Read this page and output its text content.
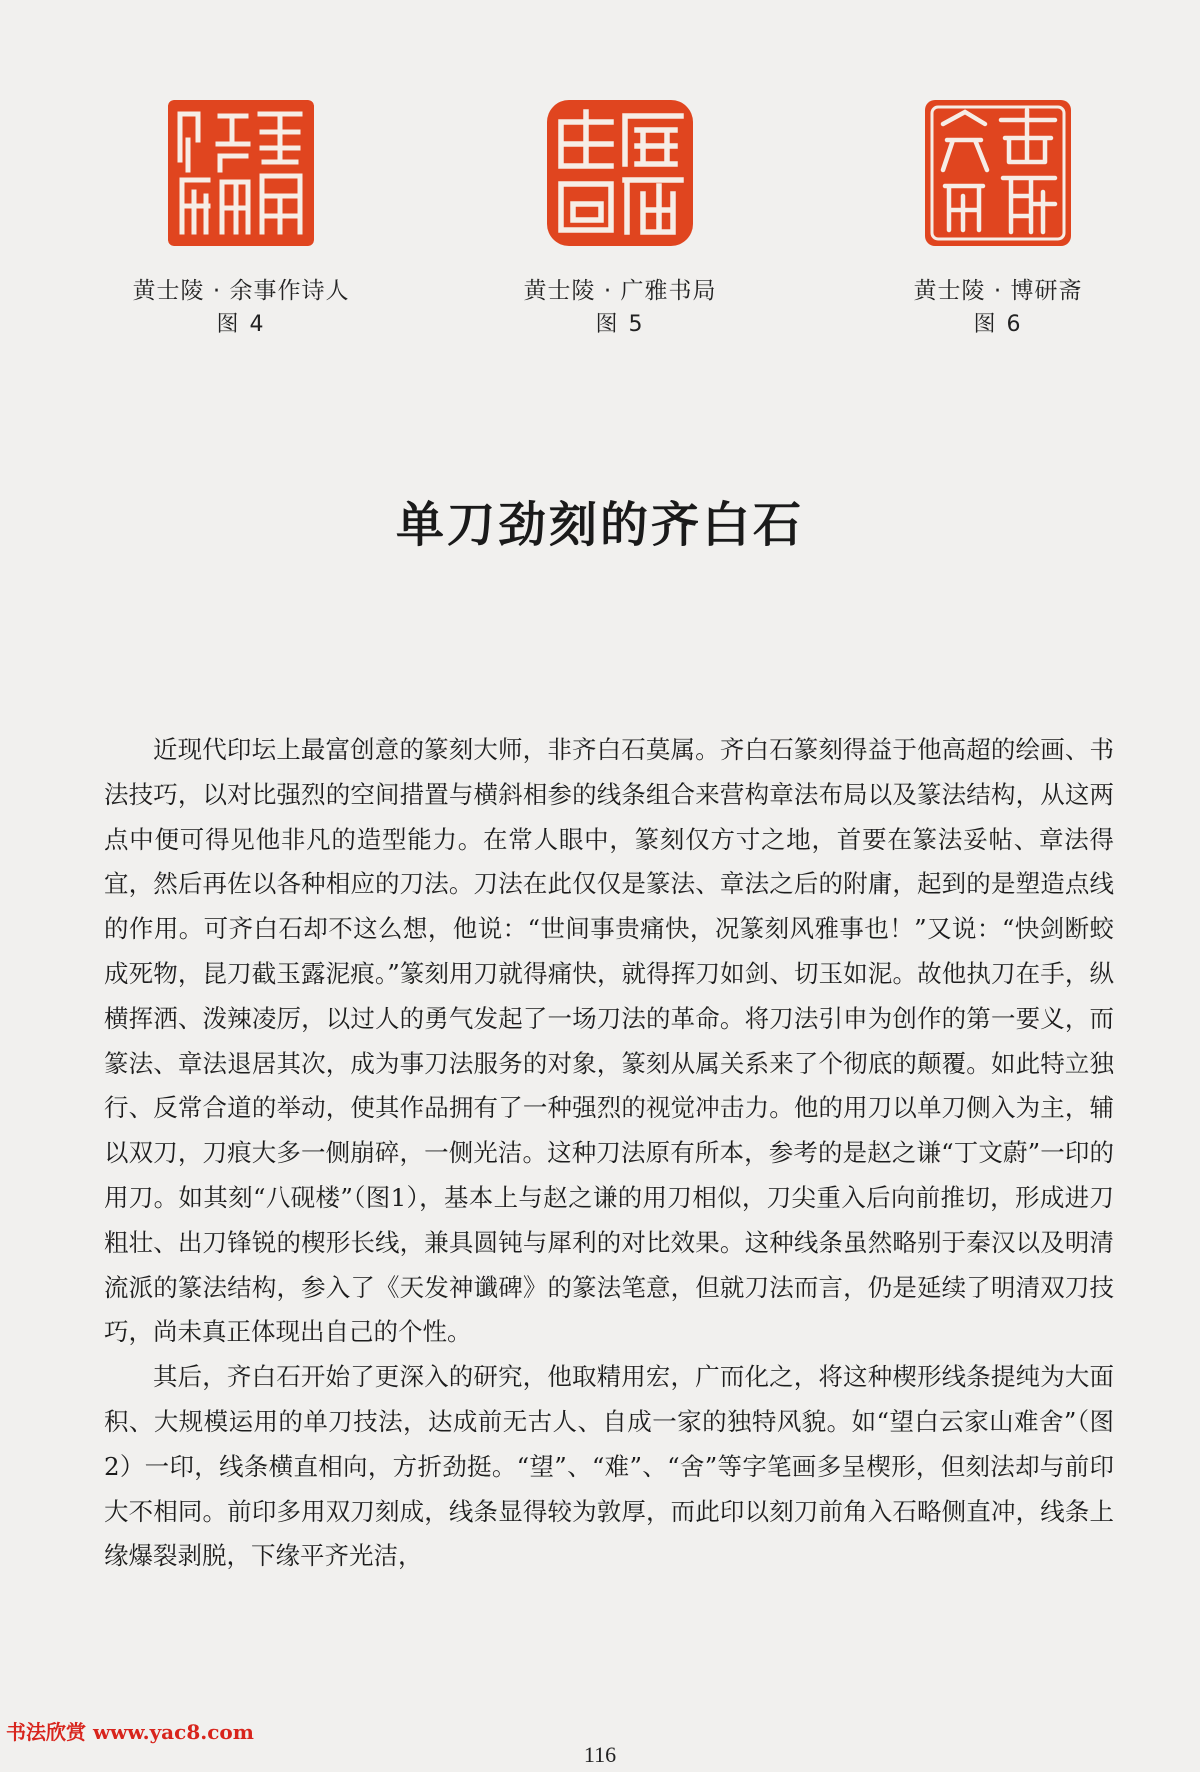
黄士陵 · 余事作诗人
图 4
黄士陵 · 广雅书局
图 5
黄士陵 · 博研斋
图 6
单刀劲刻的齐白石

近现代印坛上最富创意的篆刻大师，非齐白石莫属。齐白石篆刻得益于他高超的绘画、书法技巧，以对比强烈的空间措置与横斜相参的线条组合来营构章法布局以及篆法结构，从这两点中便可得见他非凡的造型能力。在常人眼中，篆刻仅方寸之地，首要在篆法妥帖、章法得宜，然后再佐以各种相应的刀法。刀法在此仅仅是篆法、章法之后的附庸，起到的是塑造点线的作用。可齐白石却不这么想，他说：“世间事贵痛快，况篆刻风雅事也！”又说：“快剑断蛟成死物，昆刀截玉露泥痕。”篆刻用刀就得痛快，就得挥刀如剑、切玉如泥。故他执刀在手，纵横挥洒、泼辣凌厉，以过人的勇气发起了一场刀法的革命。将刀法引申为创作的第一要义，而篆法、章法退居其次，成为事刀法服务的对象，篆刻从属关系来了个彻底的颠覆。如此特立独行、反常合道的举动，使其作品拥有了一种强烈的视觉冲击力。他的用刀以单刀侧入为主，辅以双刀，刀痕大多一侧崩碎，一侧光洁。这种刀法原有所本，参考的是赵之谦“丁文蔚”一印的用刀。如其刻“八砚楼”（图1），基本上与赵之谦的用刀相似，刀尖重入后向前推切，形成进刀粗壮、出刀锋锐的楔形长线，兼具圆钝与犀利的对比效果。这种线条虽然略别于秦汉以及明清流派的篆法结构，参入了《天发神谶碑》的篆法笔意，但就刀法而言，仍是延续了明清双刀技巧，尚未真正体现出自己的个性。

其后，齐白石开始了更深入的研究，他取精用宏，广而化之，将这种楔形线条提纯为大面积、大规模运用的单刀技法，达成前无古人、自成一家的独特风貌。如“望白云家山难舍”（图2）一印，线条横直相向，方折劲挺。“望”、“难”、“舍”等字笔画多呈楔形，但刻法却与前印大不相同。前印多用双刀刻成，线条显得较为敦厚，而此印以刻刀前角入石略侧直冲，线条上缘爆裂剥脱，下缘平齐光洁，

书法欣赏 www.yac8.com
116
